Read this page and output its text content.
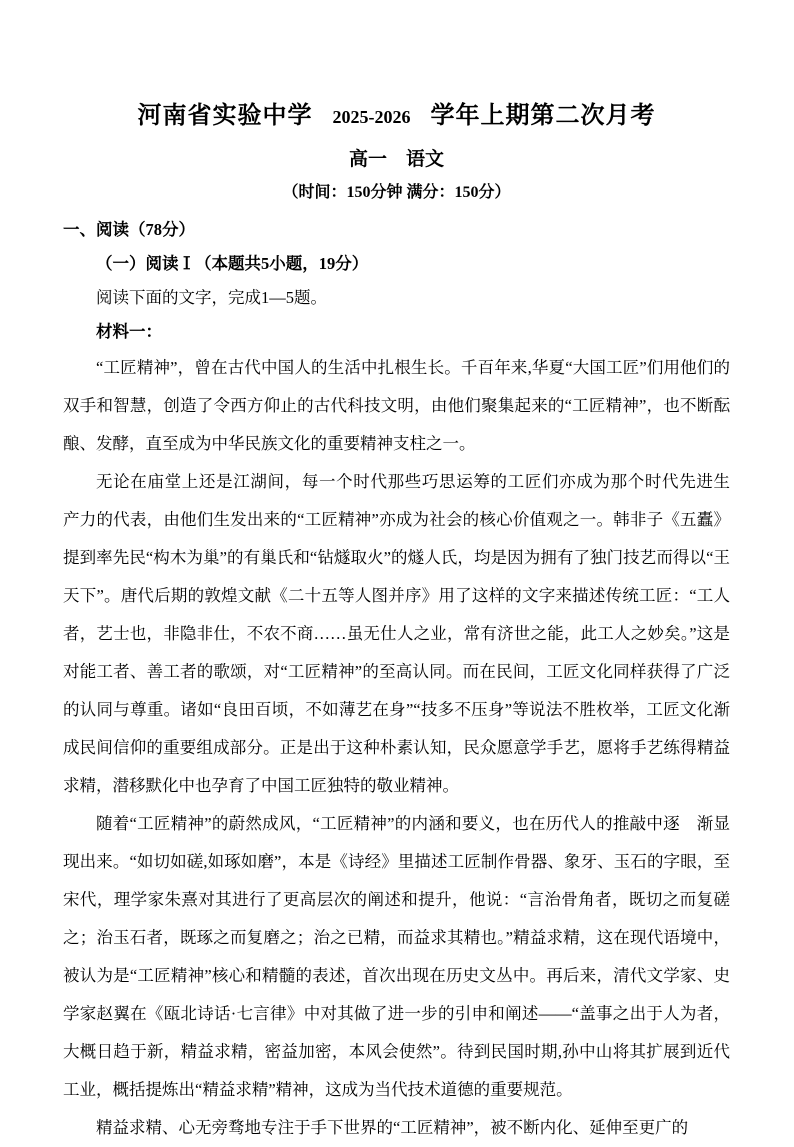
河南省实验中学 2025-2026 学年上期第二次月考
高一　语文
（时间：150分钟 满分：150分）

一、阅读（78分）

（一）阅读Ⅰ（本题共5小题，19分）

阅读下面的文字，完成1—5题。

材料一：

“工匠精神”，曾在古代中国人的生活中扎根生长。千百年来,华夏“大国工匠”们用他们的双手和智慧，创造了令西方仰止的古代科技文明，由他们聚集起来的“工匠精神”，也不断酝酿、发酵，直至成为中华民族文化的重要精神支柱之一。

无论在庙堂上还是江湖间，每一个时代那些巧思运筹的工匠们亦成为那个时代先进生　产力的代表，由他们生发出来的“工匠精神”亦成为社会的核心价值观之一。韩非子《五蠹》提到率先民“构木为巢”的有巢氏和“钻燧取火”的燧人氏，均是因为拥有了独门技艺而得以“王天下”。唐代后期的敦煌文献《二十五等人图并序》用了这样的文字来描述传统工匠：“工人者，艺士也，非隐非仕，不农不商……虽无仕人之业，常有济世之能，此工人之妙矣。”这是对能工者、善工者的歌颂，对“工匠精神”的至高认同。而在民间，工匠文化同样获得了广泛的认同与尊重。诸如“良田百顷，不如薄艺在身”“技多不压身”等说法不胜枚举，工匠文化渐成民间信仰的重要组成部分。正是出于这种朴素认知，民众愿意学手艺，愿将手艺练得精益求精，潜移默化中也孕育了中国工匠独特的敬业精神。

随着“工匠精神”的蔚然成风，“工匠精神”的内涵和要义，也在历代人的推敲中逐　渐显现出来。“如切如磋,如琢如磨”，本是《诗经》里描述工匠制作骨器、象牙、玉石的字眼，至宋代，理学家朱熹对其进行了更高层次的阐述和提升，他说：“言治骨角者，既切之而复磋之；治玉石者，既琢之而复磨之；治之已精，而益求其精也。”精益求精，这在现代语境中，被认为是“工匠精神”核心和精髓的表述，首次出现在历史文丛中。再后来，清代文学家、史学家赵翼在《瓯北诗话·七言律》中对其做了进一步的引申和阐述——“盖事之出于人为者，大概日趋于新，精益求精，密益加密，本风会使然”。待到民国时期,孙中山将其扩展到近代工业，概括提炼出“精益求精”精神，这成为当代技术道德的重要规范。

精益求精、心无旁骛地专注于手下世界的“工匠精神”，被不断内化、延伸至更广的
